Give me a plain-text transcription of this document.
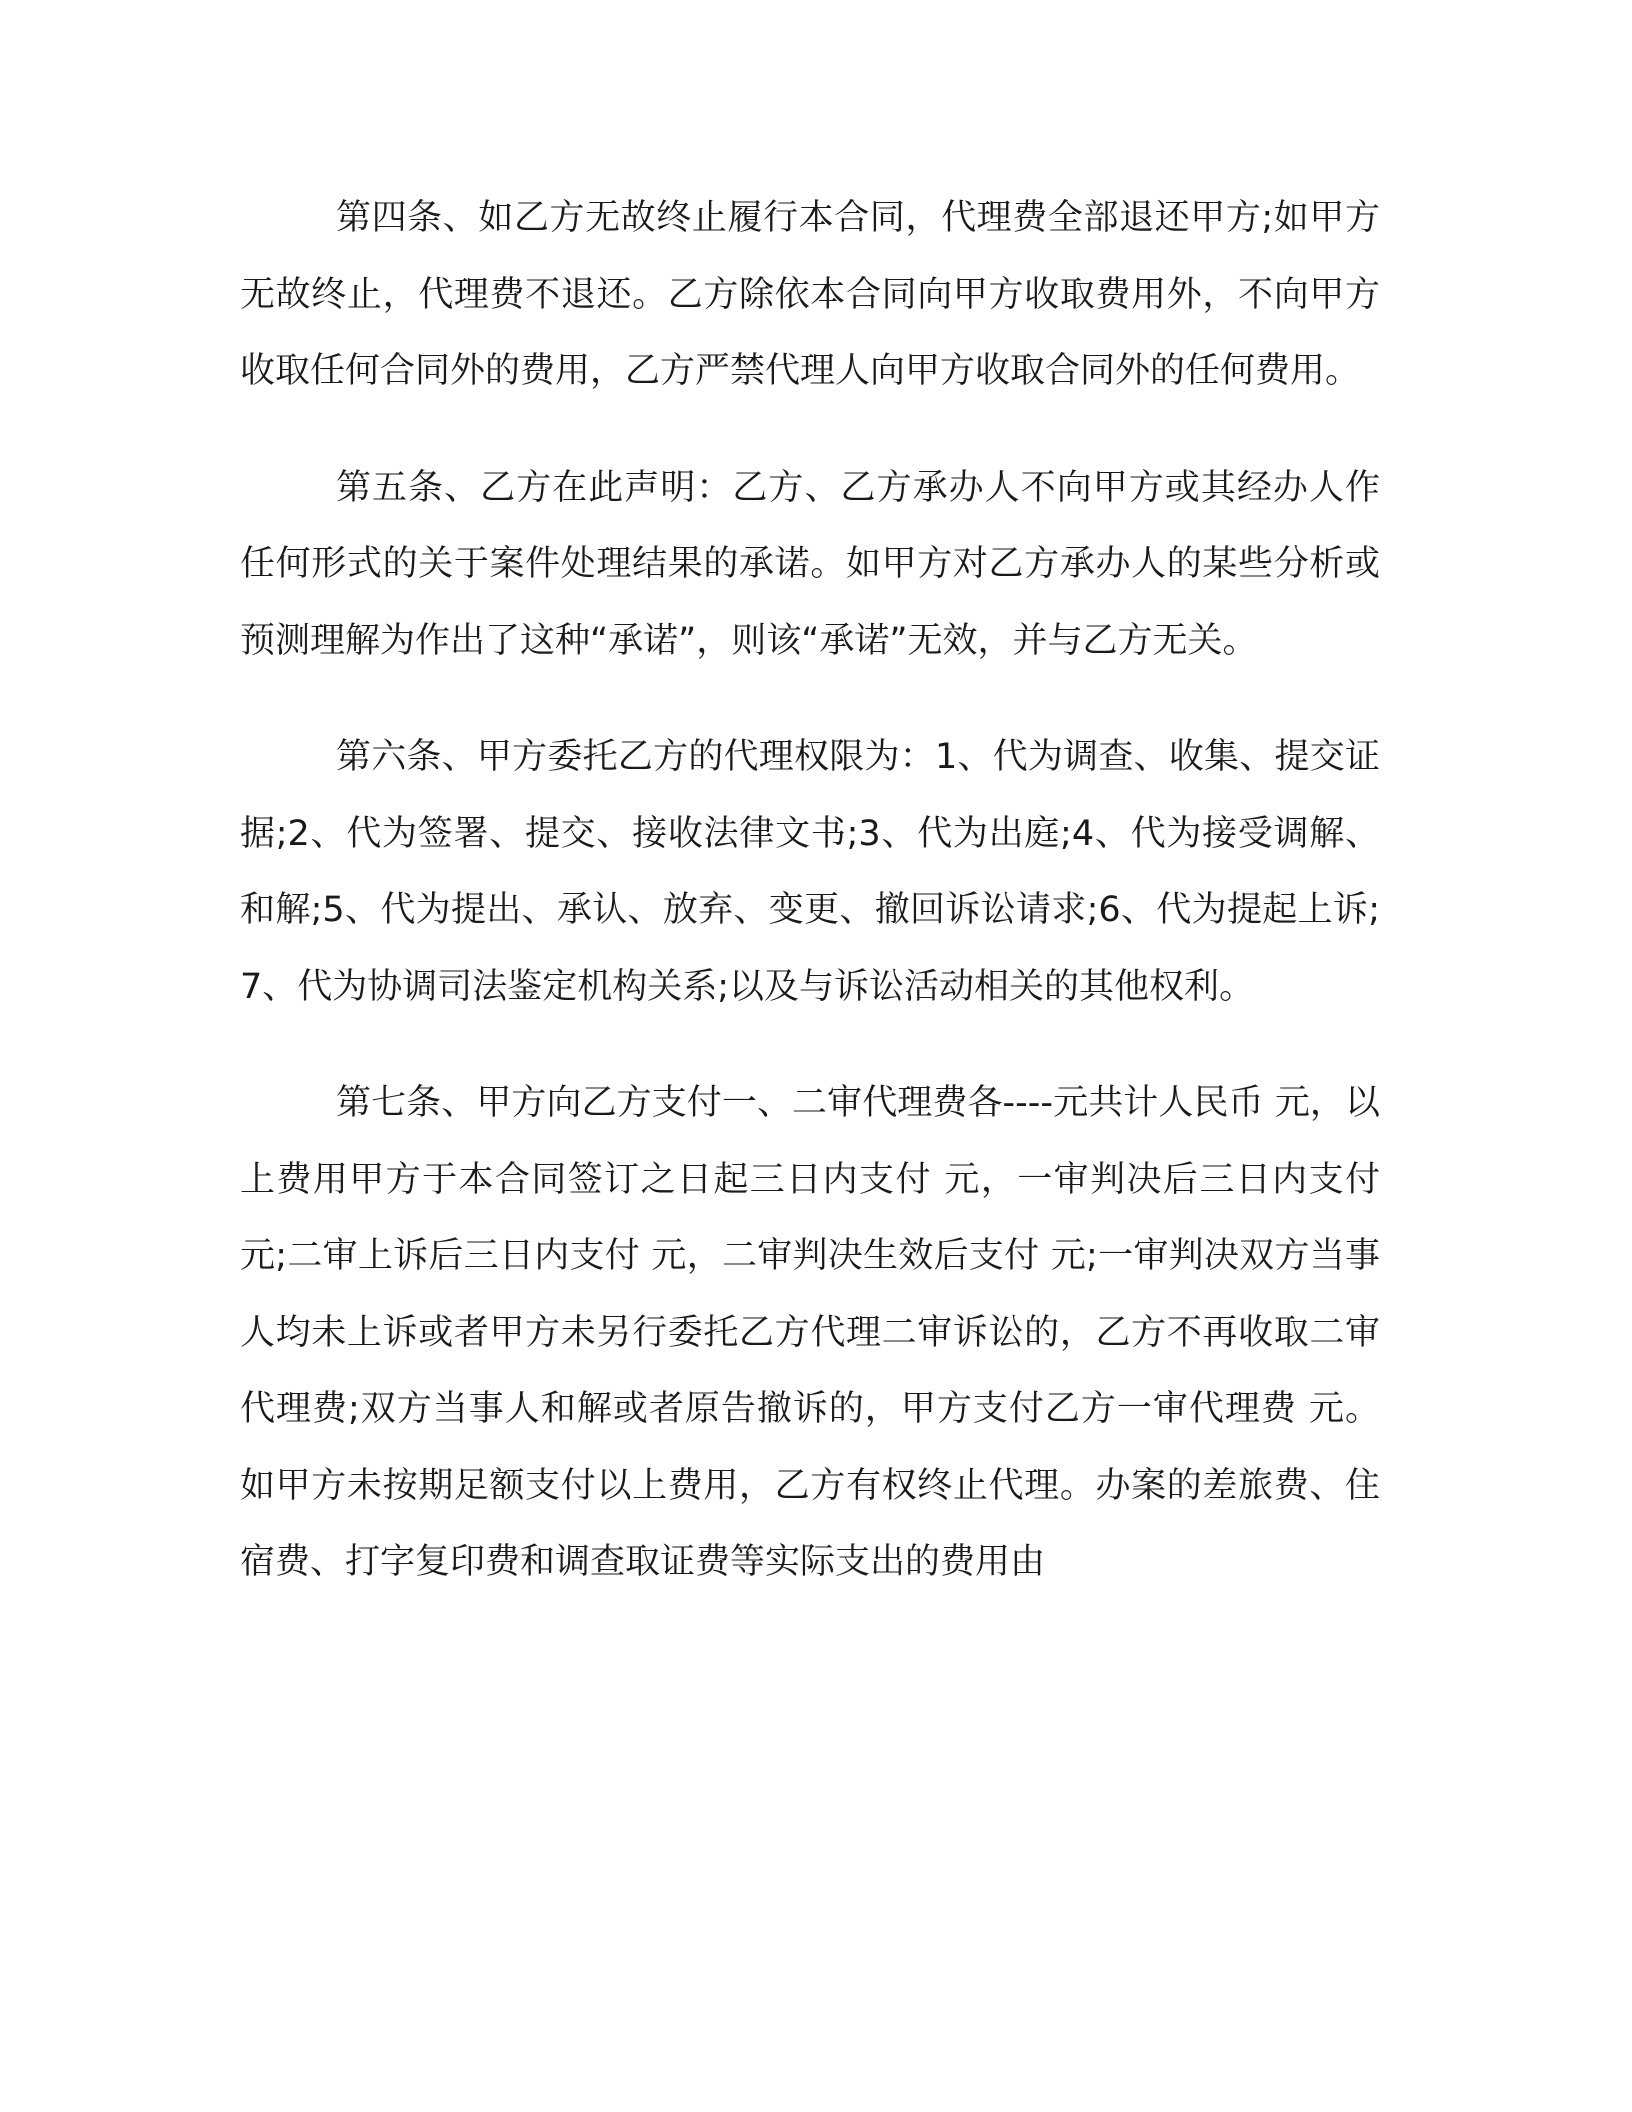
第四条、如乙方无故终止履行本合同，代理费全部退还甲方;如甲方无故终止，代理费不退还。乙方除依本合同向甲方收取费用外，不向甲方收取任何合同外的费用，乙方严禁代理人向甲方收取合同外的任何费用。

第五条、乙方在此声明：乙方、乙方承办人不向甲方或其经办人作任何形式的关于案件处理结果的承诺。如甲方对乙方承办人的某些分析或预测理解为作出了这种“承诺”，则该“承诺”无效，并与乙方无关。

第六条、甲方委托乙方的代理权限为：1、代为调查、收集、提交证据;2、代为签署、提交、接收法律文书;3、代为出庭;4、代为接受调解、和解;5、代为提出、承认、放弃、变更、撤回诉讼请求;6、代为提起上诉;7、代为协调司法鉴定机构关系;以及与诉讼活动相关的其他权利。

第七条、甲方向乙方支付一、二审代理费各----元共计人民币 元，以上费用甲方于本合同签订之日起三日内支付 元，一审判决后三日内支付 元;二审上诉后三日内支付 元，二审判决生效后支付 元;一审判决双方当事人均未上诉或者甲方未另行委托乙方代理二审诉讼的，乙方不再收取二审代理费;双方当事人和解或者原告撤诉的，甲方支付乙方一审代理费 元。如甲方未按期足额支付以上费用，乙方有权终止代理。办案的差旅费、住宿费、打字复印费和调查取证费等实际支出的费用由
